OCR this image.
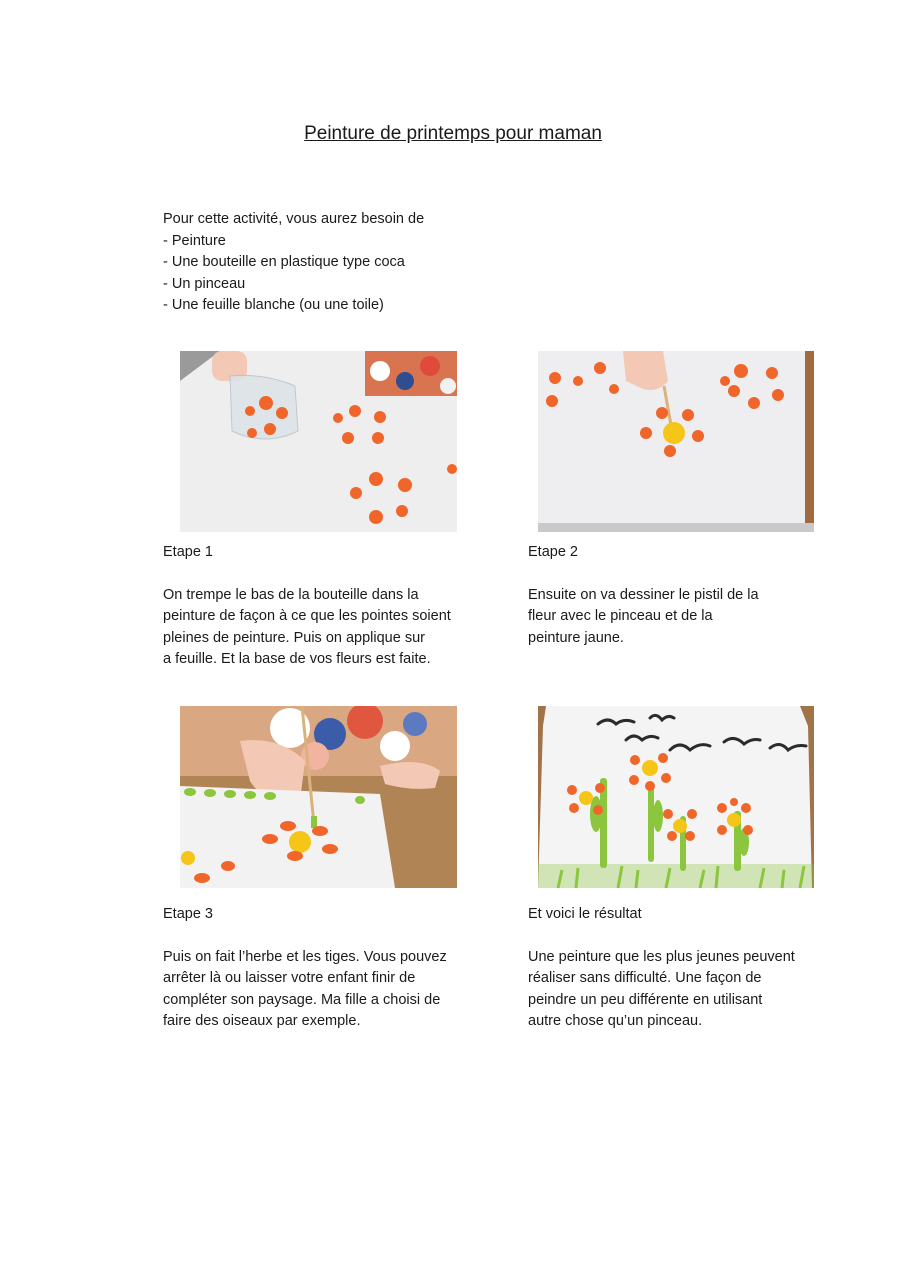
Peinture de printemps pour maman
Pour cette activité, vous aurez besoin de
- Peinture
- Une bouteille en plastique type coca
- Un pinceau
- Une feuille blanche (ou une toile)
Etape 1
On trempe le bas de la bouteille dans la
peinture de façon à ce que les pointes soient
pleines de peinture. Puis on applique sur
a feuille. Et la base de vos fleurs est faite.
Etape 2
Ensuite on va dessiner le pistil de la
fleur avec le pinceau et de la
peinture jaune.
Etape 3
Puis on fait l’herbe et les tiges. Vous pouvez
arrêter là ou laisser votre enfant finir de
compléter son paysage. Ma fille a choisi de
faire des oiseaux par exemple.
Et voici le résultat
Une peinture que les plus jeunes peuvent
réaliser sans difficulté. Une façon de
peindre un peu différente en utilisant
autre chose qu’un pinceau.
